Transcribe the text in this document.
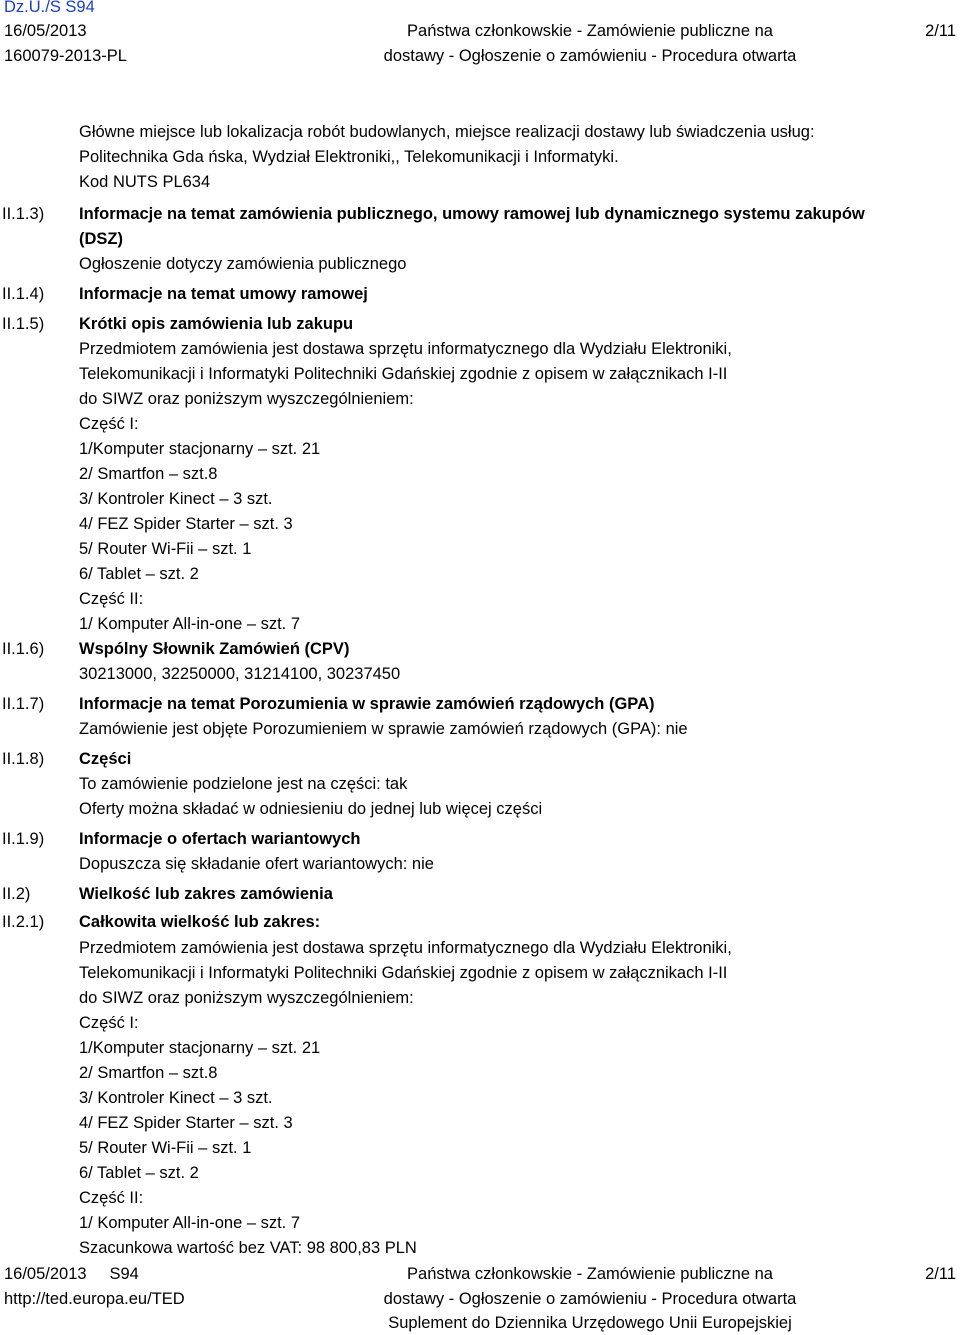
Dz.U./S S94
16/05/2013
160079-2013-PL
Państwa członkowskie - Zamówienie publiczne na
dostawy - Ogłoszenie o zamówieniu - Procedura otwarta
2/11
II.1.3)
II.1.4)
II.1.5)
II.1.6)
II.1.7)
II.1.8)
II.1.9)
II.2)
II.2.1)
Główne miejsce lub lokalizacja robót budowlanych, miejsce realizacji dostawy lub świadczenia usług:
Politechnika Gda ńska, Wydział Elektroniki,, Telekomunikacji i Informatyki.
Kod NUTS PL634
Informacje na temat zamówienia publicznego, umowy ramowej lub dynamicznego systemu zakupów
(DSZ)
Ogłoszenie dotyczy zamówienia publicznego
Informacje na temat umowy ramowej
Krótki opis zamówienia lub zakupu
Przedmiotem zamówienia jest dostawa sprzętu informatycznego dla Wydziału Elektroniki,
Telekomunikacji i Informatyki Politechniki Gdańskiej zgodnie z opisem w załącznikach I-II
do SIWZ oraz poniższym wyszczególnieniem:
Część I:
1/Komputer stacjonarny – szt. 21
2/ Smartfon – szt.8
3/ Kontroler Kinect – 3 szt.
4/ FEZ Spider Starter – szt. 3
5/ Router Wi-Fii – szt. 1
6/ Tablet – szt. 2
Część II:
1/ Komputer All-in-one – szt. 7
Wspólny Słownik Zamówień (CPV)
30213000, 32250000, 31214100, 30237450
Informacje na temat Porozumienia w sprawie zamówień rządowych (GPA)
Zamówienie jest objęte Porozumieniem w sprawie zamówień rządowych (GPA): nie
Części
To zamówienie podzielone jest na części: tak
Oferty można składać w odniesieniu do jednej lub więcej części
Informacje o ofertach wariantowych
Dopuszcza się składanie ofert wariantowych: nie
Wielkość lub zakres zamówienia
Całkowita wielkość lub zakres:
Przedmiotem zamówienia jest dostawa sprzętu informatycznego dla Wydziału Elektroniki,
Telekomunikacji i Informatyki Politechniki Gdańskiej zgodnie z opisem w załącznikach I-II
do SIWZ oraz poniższym wyszczególnieniem:
Część I:
1/Komputer stacjonarny – szt. 21
2/ Smartfon – szt.8
3/ Kontroler Kinect – 3 szt.
4/ FEZ Spider Starter – szt. 3
5/ Router Wi-Fii – szt. 1
6/ Tablet – szt. 2
Część II:
1/ Komputer All-in-one – szt. 7
Szacunkowa wartość bez VAT: 98 800,83 PLN
16/05/2013     S94
http://ted.europa.eu/TED
Państwa członkowskie - Zamówienie publiczne na
dostawy - Ogłoszenie o zamówieniu - Procedura otwarta
Suplement do Dziennika Urzędowego Unii Europejskiej
2/11
